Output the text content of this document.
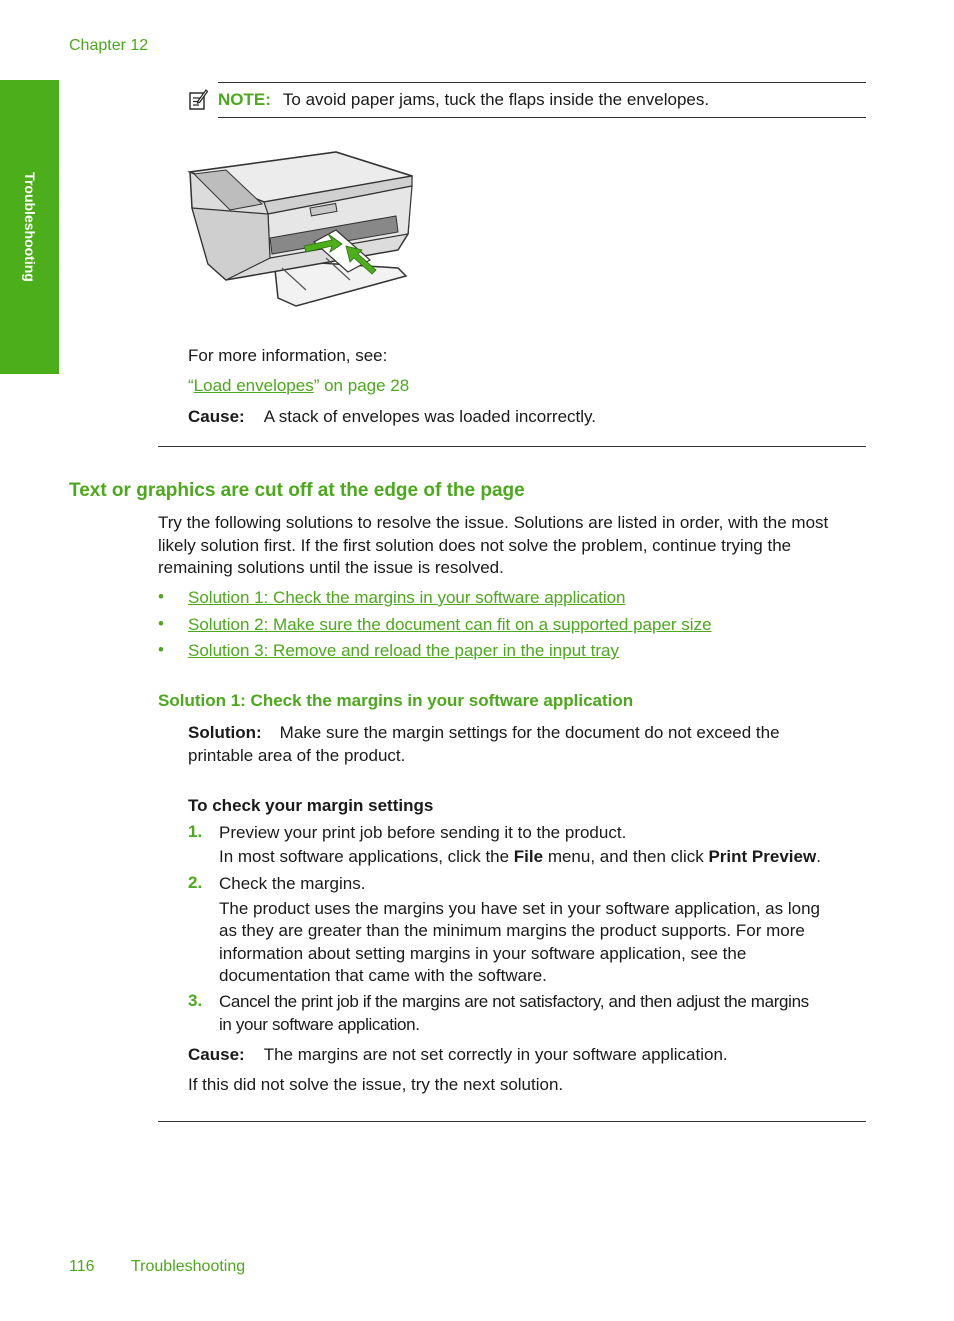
Chapter 12
Troubleshooting
NOTE: To avoid paper jams, tuck the flaps inside the envelopes.
For more information, see:
“Load envelopes” on page 28
Cause: A stack of envelopes was loaded incorrectly.
Text or graphics are cut off at the edge of the page
Try the following solutions to resolve the issue. Solutions are listed in order, with the most
likely solution first. If the first solution does not solve the problem, continue trying the
remaining solutions until the issue is resolved.
• Solution 1: Check the margins in your software application
• Solution 2: Make sure the document can fit on a supported paper size
• Solution 3: Remove and reload the paper in the input tray
Solution 1: Check the margins in your software application
Solution: Make sure the margin settings for the document do not exceed the
printable area of the product.
To check your margin settings
1. Preview your print job before sending it to the product.
In most software applications, click the File menu, and then click Print Preview.
2. Check the margins.
The product uses the margins you have set in your software application, as long
as they are greater than the minimum margins the product supports. For more
information about setting margins in your software application, see the
documentation that came with the software.
3. Cancel the print job if the margins are not satisfactory, and then adjust the margins
in your software application.
Cause: The margins are not set correctly in your software application.
If this did not solve the issue, try the next solution.
116 Troubleshooting
